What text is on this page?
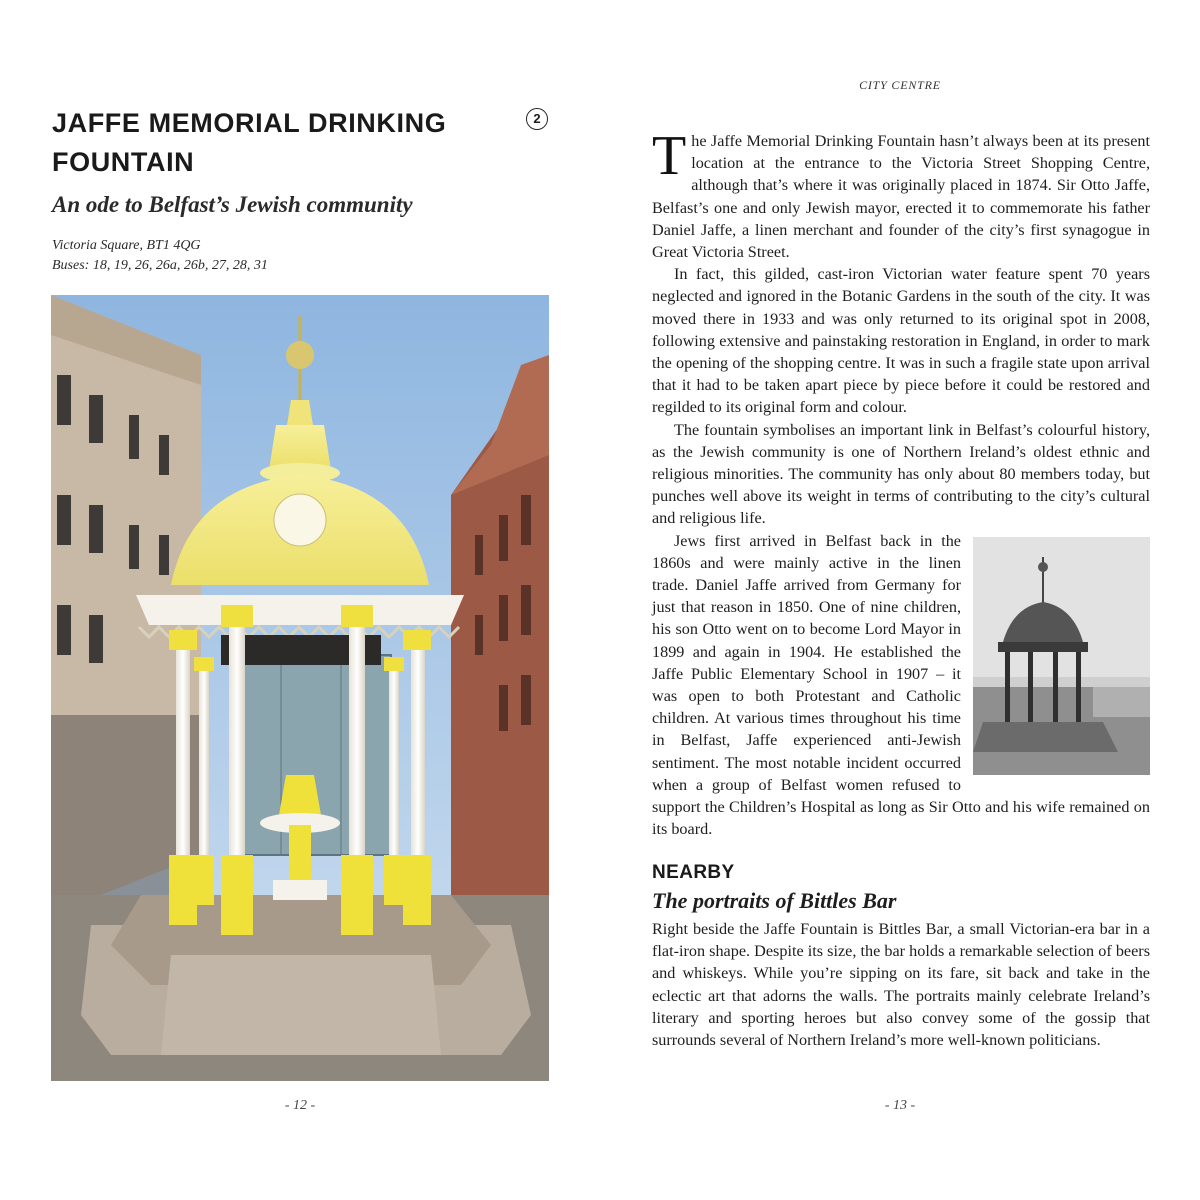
JAFFE MEMORIAL DRINKING FOUNTAIN
2
An ode to Belfast’s Jewish community
Victoria Square, BT1 4QG
Buses: 18, 19, 26, 26a, 26b, 27, 28, 31
- 12 -
CITY CENTRE

The Jaffe Memorial Drinking Fountain hasn’t always been at its present location at the entrance to the Victoria Street Shopping Centre, although that’s where it was originally placed in 1874. Sir Otto Jaffe, Belfast’s one and only Jewish mayor, erected it to commemorate his father Daniel Jaffe, a linen merchant and founder of the city’s first synagogue in Great Victoria Street.

In fact, this gilded, cast-iron Victorian water feature spent 70 years neglected and ignored in the Botanic Gardens in the south of the city. It was moved there in 1933 and was only returned to its original spot in 2008, following extensive and painstaking restoration in England, in order to mark the opening of the shopping centre. It was in such a fragile state upon arrival that it had to be taken apart piece by piece before it could be restored and regilded to its original form and colour.

The fountain symbolises an important link in Belfast’s colourful history, as the Jewish community is one of Northern Ireland’s oldest ethnic and religious minorities. The community has only about 80 members today, but punches well above its weight in terms of contributing to the city’s cultural and religious life.

Jews first arrived in Belfast back in the 1860s and were mainly active in the linen trade. Daniel Jaffe arrived from Germany for just that reason in 1850. One of nine children, his son Otto went on to become Lord Mayor in 1899 and again in 1904. He established the Jaffe Public Elementary School in 1907 – it was open to both Protestant and Catholic children. At various times throughout his time in Belfast, Jaffe experienced anti-Jewish sentiment. The most notable incident occurred when a group of Belfast women refused to support the Children’s Hospital as long as Sir Otto and his wife remained on its board.

NEARBY
The portraits of Bittles Bar

Right beside the Jaffe Fountain is Bittles Bar, a small Victorian-era bar in a flat-iron shape. Despite its size, the bar holds a remarkable selection of beers and whiskeys. While you’re sipping on its fare, sit back and take in the eclectic art that adorns the walls. The portraits mainly celebrate Ireland’s literary and sporting heroes but also convey some of the gossip that surrounds several of Northern Ireland’s more well-known politicians.

- 13 -
